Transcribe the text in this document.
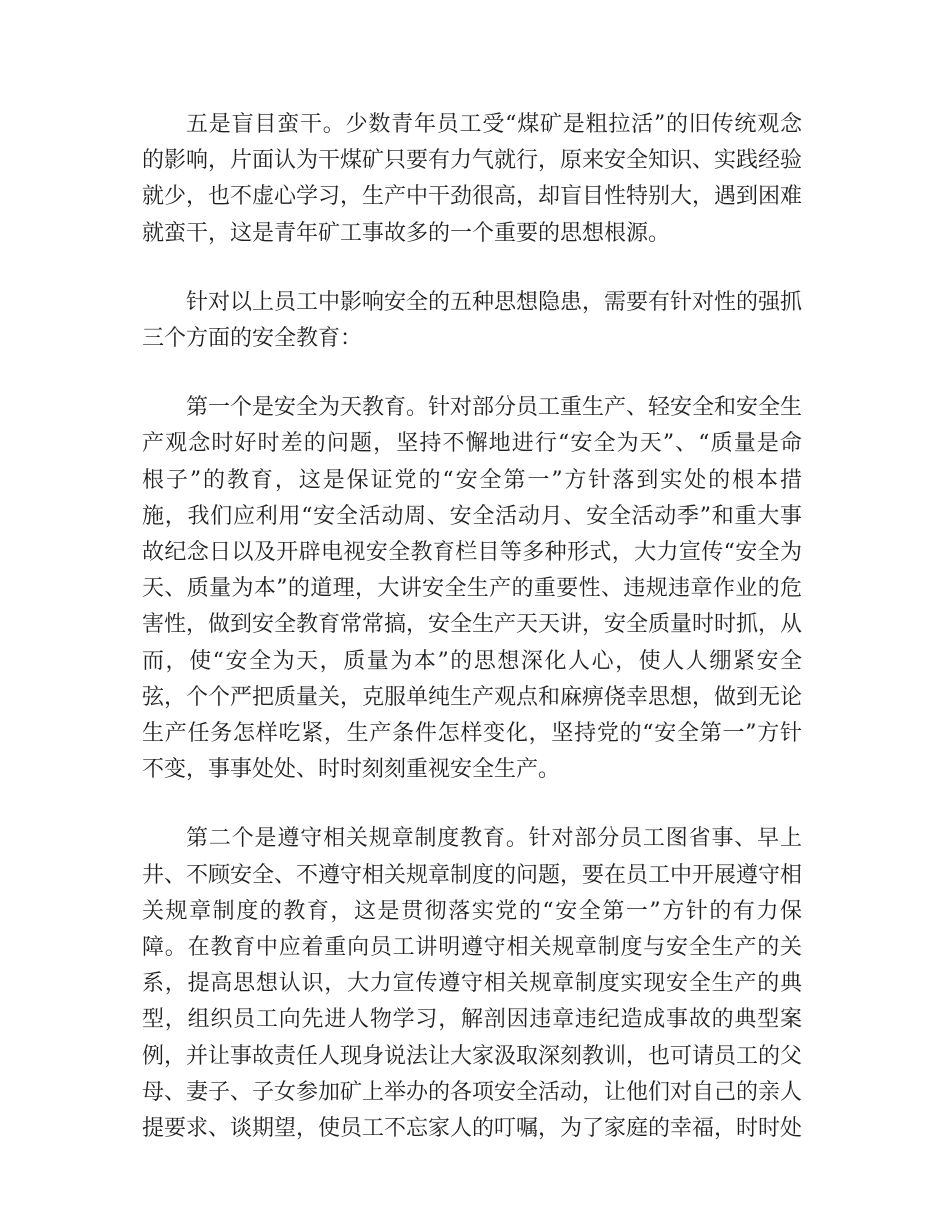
五是盲目蛮干。少数青年员工受“煤矿是粗拉活”的旧传统观念
的影响，片面认为干煤矿只要有力气就行，原来安全知识、实践经验
就少，也不虚心学习，生产中干劲很高，却盲目性特别大，遇到困难
就蛮干，这是青年矿工事故多的一个重要的思想根源。

针对以上员工中影响安全的五种思想隐患，需要有针对性的强抓
三个方面的安全教育：

第一个是安全为天教育。针对部分员工重生产、轻安全和安全生
产观念时好时差的问题，坚持不懈地进行“安全为天”、“质量是命
根子”的教育，这是保证党的“安全第一”方针落到实处的根本措
施，我们应利用“安全活动周、安全活动月、安全活动季”和重大事
故纪念日以及开辟电视安全教育栏目等多种形式，大力宣传“安全为
天、质量为本”的道理，大讲安全生产的重要性、违规违章作业的危
害性，做到安全教育常常搞，安全生产天天讲，安全质量时时抓，从
而，使“安全为天，质量为本”的思想深化人心，使人人绷紧安全
弦，个个严把质量关，克服单纯生产观点和麻痹侥幸思想，做到无论
生产任务怎样吃紧，生产条件怎样变化，坚持党的“安全第一”方针
不变，事事处处、时时刻刻重视安全生产。

第二个是遵守相关规章制度教育。针对部分员工图省事、早上
井、不顾安全、不遵守相关规章制度的问题，要在员工中开展遵守相
关规章制度的教育，这是贯彻落实党的“安全第一”方针的有力保
障。在教育中应着重向员工讲明遵守相关规章制度与安全生产的关
系，提高思想认识，大力宣传遵守相关规章制度实现安全生产的典
型，组织员工向先进人物学习，解剖因违章违纪造成事故的典型案
例，并让事故责任人现身说法让大家汲取深刻教训，也可请员工的父
母、妻子、子女参加矿上举办的各项安全活动，让他们对自己的亲人
提要求、谈期望，使员工不忘家人的叮嘱，为了家庭的幸福，时时处
